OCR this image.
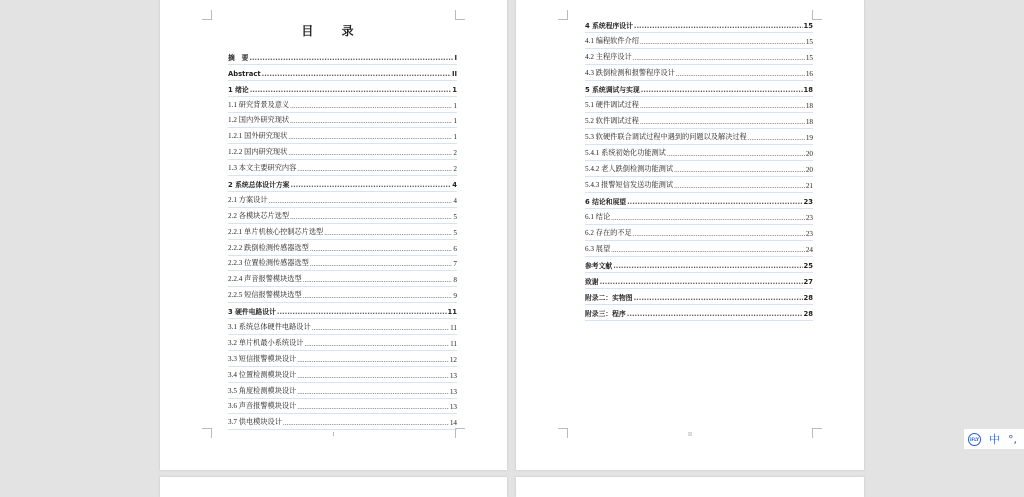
目 录
摘　要 .....	I
Abstract .....	II
1 绪论 .....	1
1.1 研究背景及意义 .....	1
1.2 国内外研究现状 .....	1
1.2.1 国外研究现状 .....	1
1.2.2 国内研究现状 .....	2
1.3 本文主要研究内容 .....	2
2 系统总体设计方案 .....	4
2.1 方案设计 .....	4
2.2 各模块芯片选型 .....	5
2.2.1 单片机核心控制芯片选型 .....	5
2.2.2 跌倒检测传感器选型 .....	6
2.2.3 位置检测传感器选型 .....	7
2.2.4 声音报警模块选型 .....	8
2.2.5 短信报警模块选型 .....	9
3 硬件电路设计 .....	11
3.1 系统总体硬件电路设计 .....	11
3.2 单片机最小系统设计 .....	11
3.3 短信报警模块设计 .....	12
3.4 位置检测模块设计 .....	13
3.5 角度检测模块设计 .....	13
3.6 声音报警模块设计 .....	13
3.7 供电模块设计 .....	14
I
4 系统程序设计 .....	15
4.1 编程软件介绍 .....	15
4.2 主程序设计 .....	15
4.3 跌倒检测和报警程序设计 .....	16
5 系统调试与实现 .....	18
5.1 硬件调试过程 .....	18
5.2 软件调试过程 .....	18
5.3 软硬件联合调试过程中遇到的问题以及解决过程 .....	19
5.4.1 系统初始化功能测试 .....	20
5.4.2 老人跌倒检测功能测试 .....	20
5.4.3 报警短信发送功能测试 .....	21
6 结论和展望 .....	23
6.1 结论 .....	23
6.2 存在的不足 .....	23
6.3 展望 .....	24
参考文献 .....	25
致谢 .....	27
附录二：实物图 .....	28
附录三：程序 .....	28
II
iFLY 中 °,
